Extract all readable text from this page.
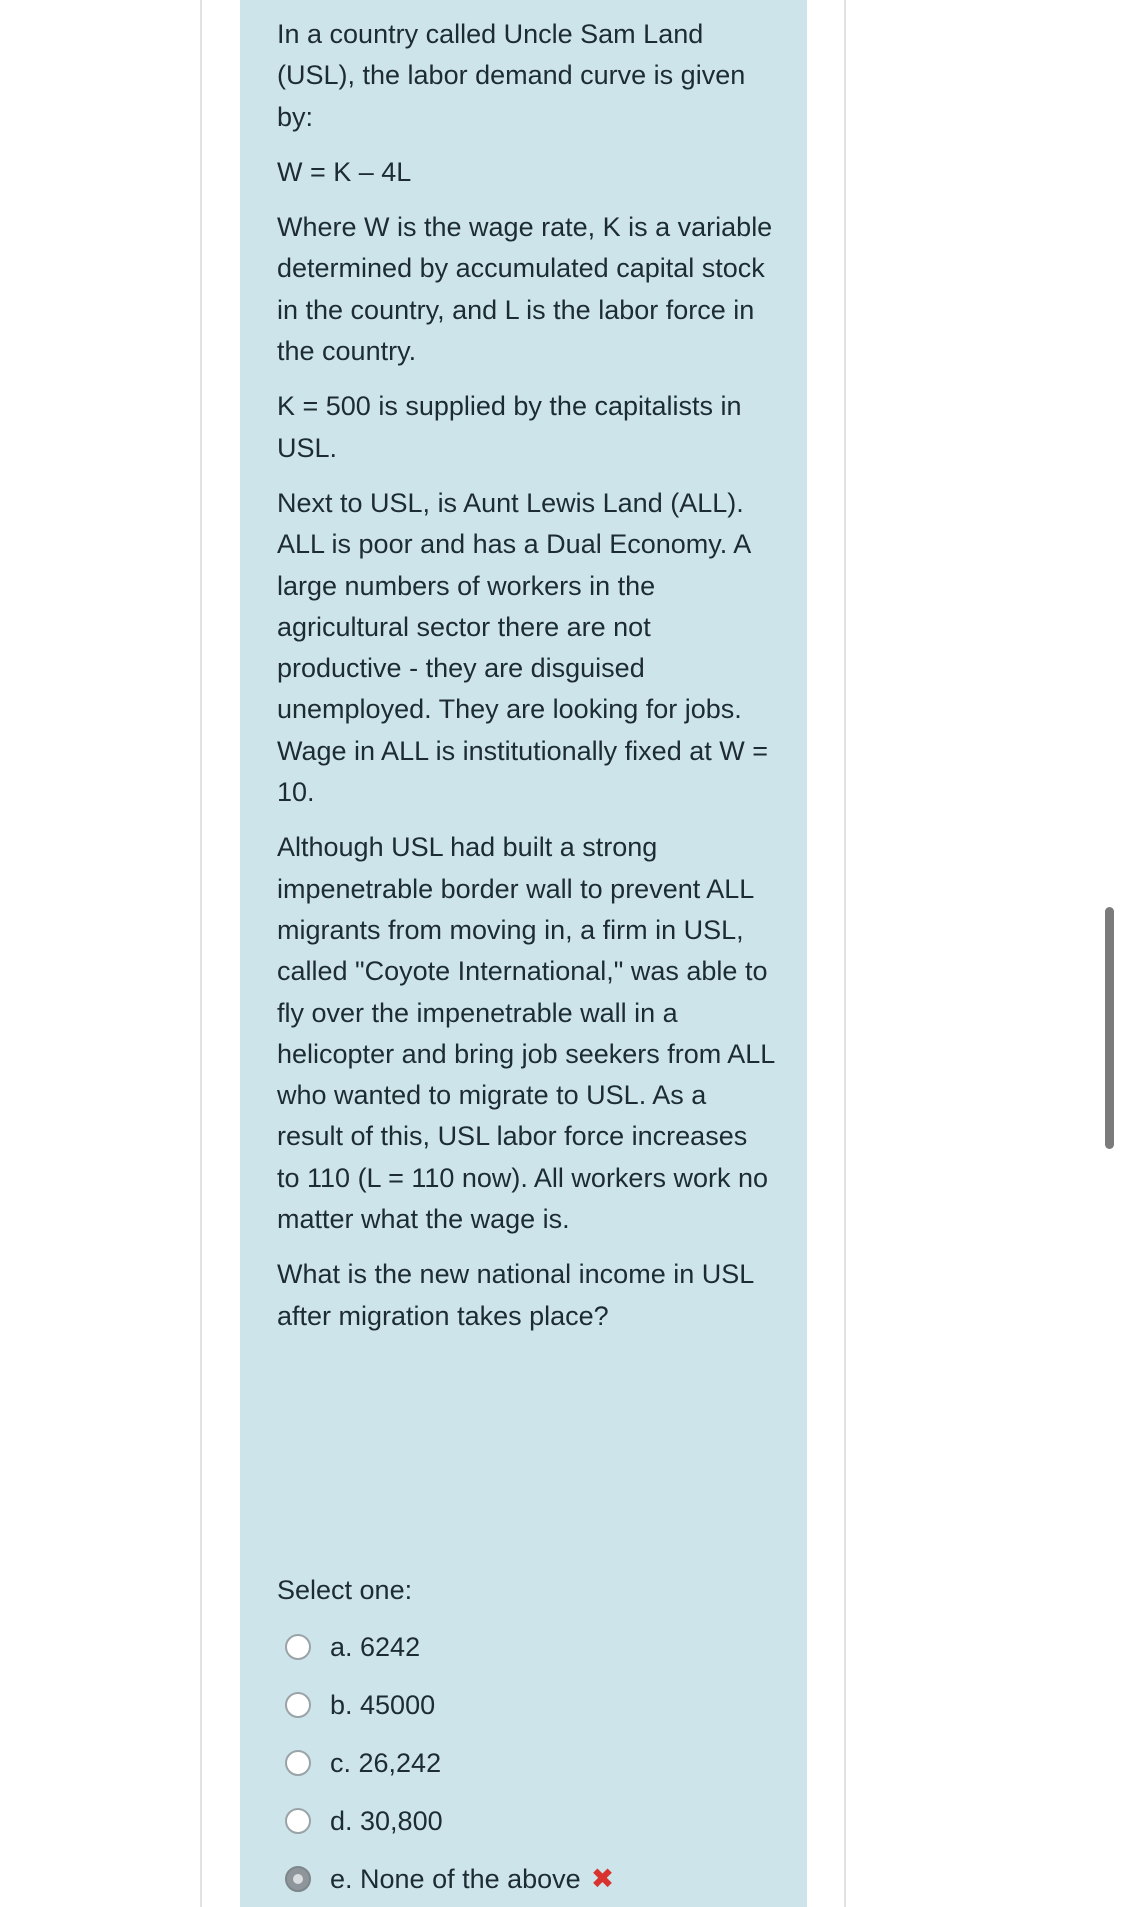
In a country called Uncle Sam Land (USL), the labor demand curve is given by:

W = K – 4L

Where W is the wage rate, K is a variable determined by accumulated capital stock in the country, and L is the labor force in the country.

K = 500 is supplied by the capitalists in USL.

Next to USL, is Aunt Lewis Land (ALL). ALL is poor and has a Dual Economy. A large numbers of workers in the agricultural sector there are not productive - they are disguised unemployed. They are looking for jobs. Wage in ALL is institutionally fixed at W = 10.

Although USL had built a strong impenetrable border wall to prevent ALL migrants from moving in, a firm in USL, called "Coyote International," was able to fly over the impenetrable wall in a helicopter and bring job seekers from ALL who wanted to migrate to USL. As a result of this, USL labor force increases to 110 (L = 110 now). All workers work no matter what the wage is.

What is the new national income in USL after migration takes place?

Select one:
a. 6242
b. 45000
c. 26,242
d. 30,800
e. None of the above ✖
